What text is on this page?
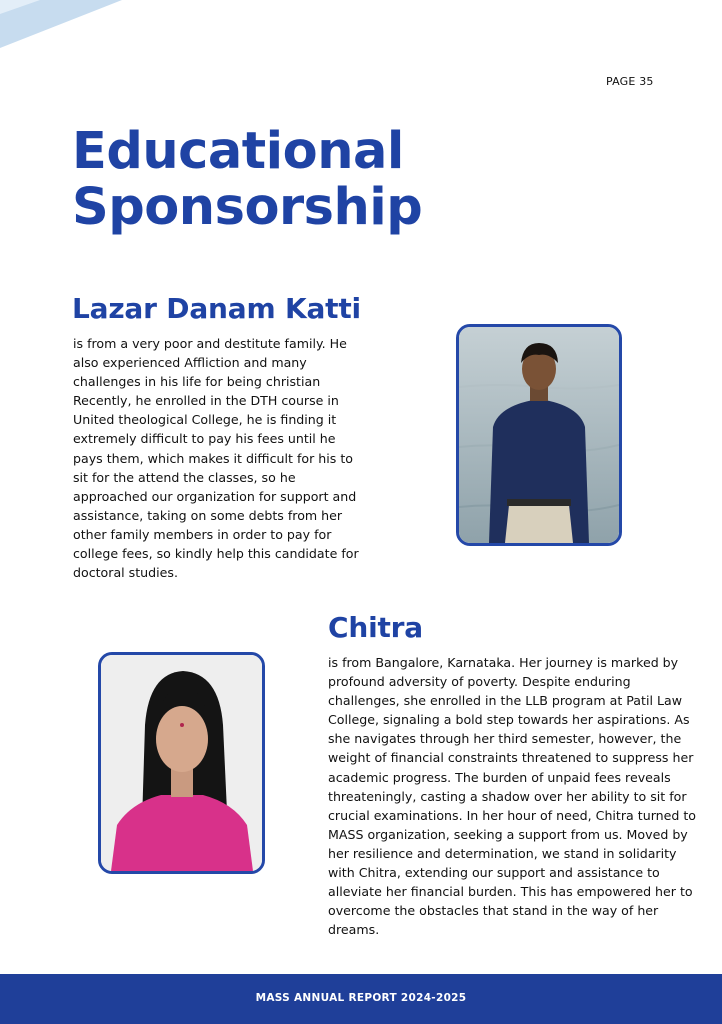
PAGE 35
Educational
Sponsorship
Lazar Danam Katti

is from a very poor and destitute family. He also experienced Affliction and many challenges in his life for being christian Recently, he enrolled in the DTH course in United theological College, he is finding it extremely difficult to pay his fees until he pays them, which makes it difficult for his to sit for the attend the classes, so he approached our organization for support and assistance, taking on some debts from her other family members in order to pay for college fees, so kindly help this candidate for doctoral studies.

Chitra

is from Bangalore, Karnataka. Her journey is marked by profound adversity of poverty. Despite enduring challenges, she enrolled in the LLB program at Patil Law College, signaling a bold step towards her aspirations. As she navigates through her third semester, however, the weight of financial constraints threatened to suppress her academic progress. The burden of unpaid fees reveals threateningly, casting a shadow over her ability to sit for crucial examinations. In her hour of need, Chitra turned to MASS organization, seeking a support from us. Moved by her resilience and determination, we stand in solidarity with Chitra, extending our support and assistance to alleviate her financial burden. This has empowered her to overcome the obstacles that stand in the way of her dreams.

MASS ANNUAL REPORT 2024-2025
